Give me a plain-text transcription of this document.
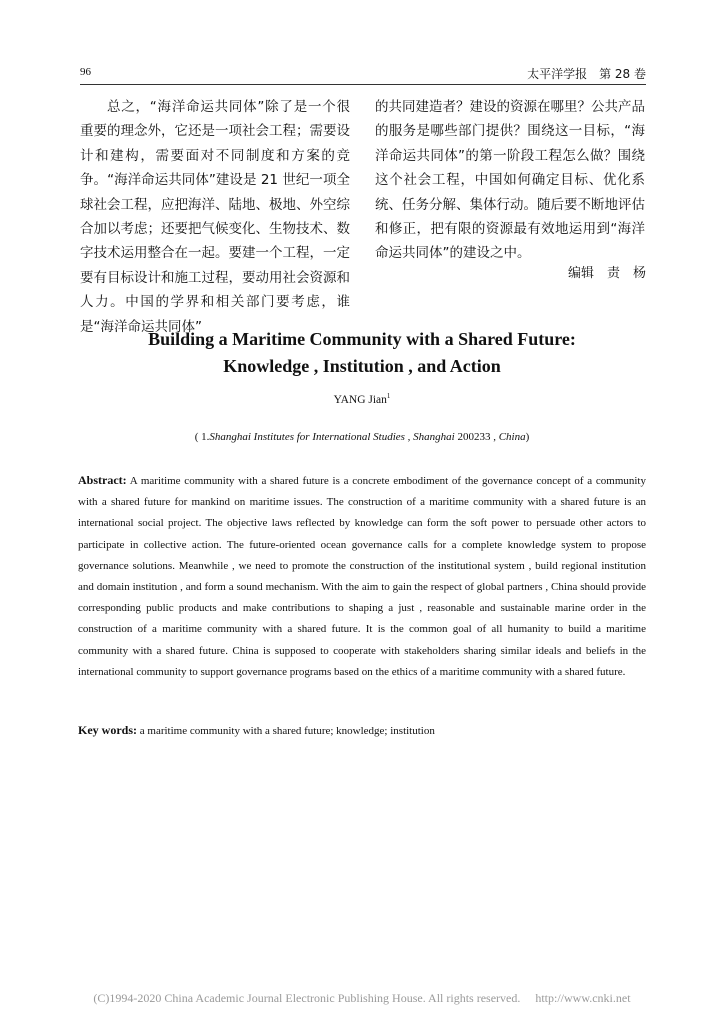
96	太平洋学报　第 28 卷

总之，“海洋命运共同体”除了是一个很重要的理念外，它还是一项社会工程；需要设计和建构，需要面对不同制度和方案的竞争。“海洋命运共同体”建设是 21 世纪一项全球社会工程，应把海洋、陆地、极地、外空综合加以考虑；还要把气候变化、生物技术、数字技术运用整合在一起。要建一个工程，一定要有目标设计和施工过程，要动用社会资源和人力。中国的学界和相关部门要考虑，谁是“海洋命运共同体”

的共同建造者？建设的资源在哪里？公共产品的服务是哪些部门提供？围绕这一目标，“海洋命运共同体”的第一阶段工程怎么做？围绕这个社会工程，中国如何确定目标、优化系统、任务分解、集体行动。随后要不断地评估和修正，把有限的资源最有效地运用到“海洋命运共同体”的建设之中。

编辑　责　杨
Building a Maritime Community with a Shared Future:
Knowledge , Institution , and Action
YANG Jian$^1$
( 1.Shanghai Institutes for International Studies , Shanghai 200233 , China)

Abstract: A maritime community with a shared future is a concrete embodiment of the governance concept of a community with a shared future for mankind on maritime issues. The construction of a maritime community with a shared future is an international social project. The objective laws reflected by knowledge can form the soft power to persuade other actors to participate in collective action. The future-oriented ocean governance calls for a complete knowledge system to propose governance solutions. Meanwhile , we need to promote the construction of the institutional system , build regional institution and domain institution , and form a sound mechanism. With the aim to gain the respect of global partners , China should provide corresponding public products and make contributions to shaping a just , reasonable and sustainable marine order in the construction of a maritime community with a shared future. It is the common goal of all humanity to build a maritime community with a shared future. China is supposed to cooperate with stakeholders sharing similar ideals and beliefs in the international community to support governance programs based on the ethics of a maritime community with a shared future.

Key words: a maritime community with a shared future; knowledge; institution

(C)1994-2020 China Academic Journal Electronic Publishing House. All rights reserved.　 http://www.cnki.net
